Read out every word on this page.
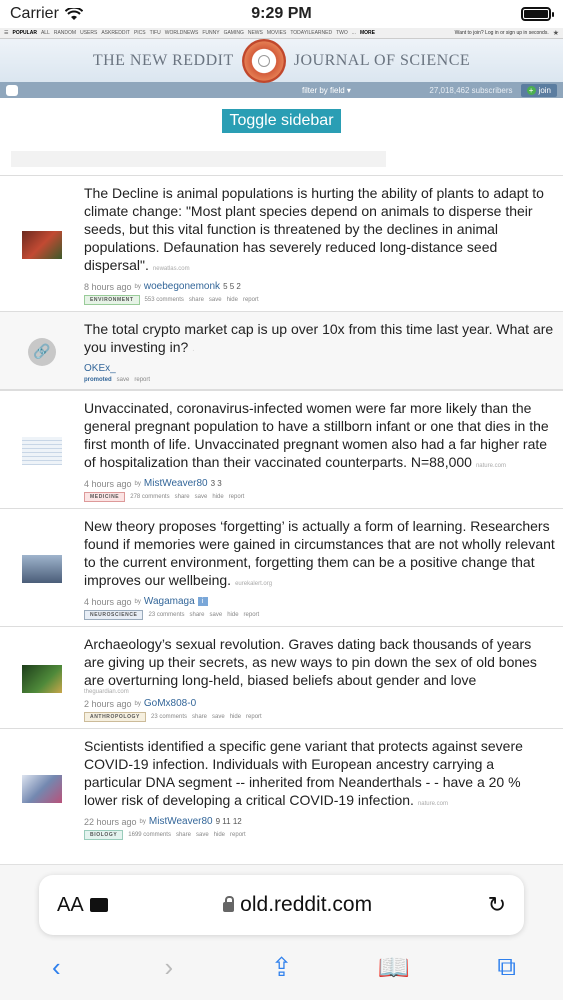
Carrier	9:29 PM
☰ POPULAR ALL RANDOM USERS ASKREDDIT PICS TIFU WORLDNEWS FUNNY GAMING NEWS MOVIES TODAYILEARNED TWO ... MORE	Want to join? Log in or sign up in seconds. ★
THE NEW REDDIT	JOURNAL OF SCIENCE
filter by field ▾	27,018,462 subscribers + join
Toggle sidebar
The Decline is animal populations is hurting the ability of plants to adapt to climate change: "Most plant species depend on animals to disperse their seeds, but this vital function is threatened by the declines in animal populations. Defaunation has severely reduced long-distance seed dispersal". newatlas.com
8 hours ago by woebegonemonk 5 5 2
ENVIRONMENT	553 comments share save hide report
🔗
The total crypto market cap is up over 10x from this time last year. What are you investing in? ·
OKEx_
promoted save report
Unvaccinated, coronavirus-infected women were far more likely than the general pregnant population to have a stillborn infant or one that dies in the first month of life. Unvaccinated pregnant women also had a far higher rate of hospitalization than their vaccinated counterparts. N=88,000 nature.com
4 hours ago by MistWeaver80 3 3
MEDICINE	278 comments share save hide report
New theory proposes ‘forgetting’ is actually a form of learning. Researchers found if memories were gained in circumstances that are not wholly relevant to the current environment, forgetting them can be a positive change that improves our wellbeing. eurekalert.org
4 hours ago by Wagamaga	i
NEUROSCIENCE	23 comments share save hide report
Archaeology’s sexual revolution. Graves dating back thousands of years are giving up their secrets, as new ways to pin down the sex of old bones are overturning long-held, biased beliefs about gender and love
theguardian.com
2 hours ago by GoMx808-0
ANTHROPOLOGY	23 comments share save hide report
Scientists identified a specific gene variant that protects against severe COVID-19 infection. Individuals with European ancestry carrying a particular DNA segment -- inherited from Neanderthals - - have a 20 % lower risk of developing a critical COVID-19 infection. nature.com
22 hours ago by MistWeaver80 9 11 12
BIOLOGY	1699 comments share save hide report
AA	old.reddit.com	↻
‹	›	⇪	📖	⧉
